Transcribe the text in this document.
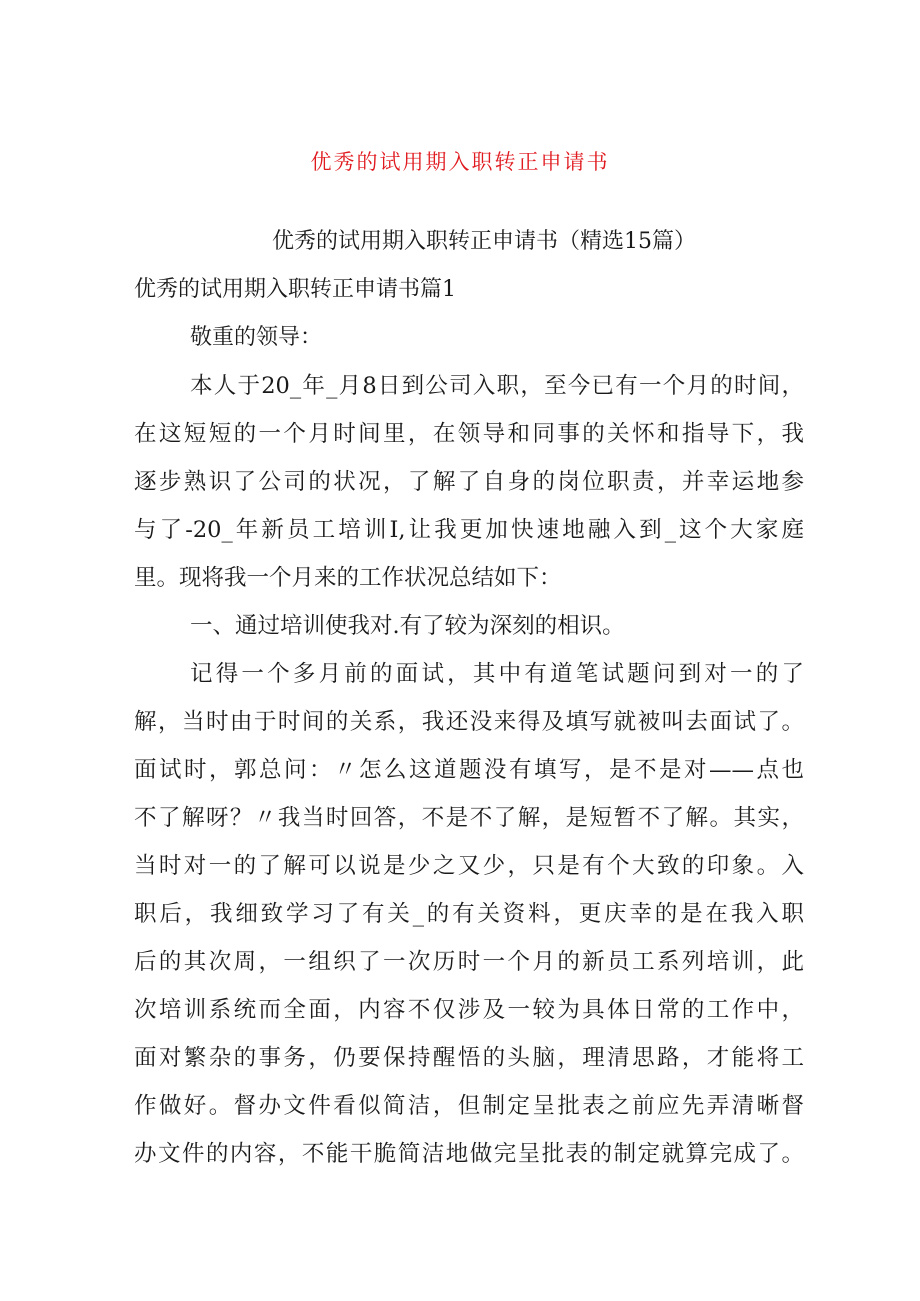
优秀的试用期入职转正申请书
优秀的试用期入职转正申请书（精选15篇）
优秀的试用期入职转正申请书篇1
敬重的领导：
本人于20_年_月8日到公司入职，至今已有一个月的时间，
在这短短的一个月时间里，在领导和同事的关怀和指导下，我
逐步熟识了公司的状况，了解了自身的岗位职责，并幸运地参
与了-20_年新员工培训I,让我更加快速地融入到_这个大家庭
里。现将我一个月来的工作状况总结如下：
一、通过培训使我对.有了较为深刻的相识。
记得一个多月前的面试，其中有道笔试题问到对一的了
解，当时由于时间的关系，我还没来得及填写就被叫去面试了。
面试时，郭总问：〃怎么这道题没有填写，是不是对——点也
不了解呀？〃我当时回答，不是不了解，是短暂不了解。其实，
当时对一的了解可以说是少之又少，只是有个大致的印象。入
职后，我细致学习了有关_的有关资料，更庆幸的是在我入职
后的其次周，一组织了一次历时一个月的新员工系列培训，此
次培训系统而全面，内容不仅涉及一较为具体日常的工作中，
面对繁杂的事务，仍要保持醒悟的头脑，理清思路，才能将工
作做好。督办文件看似简洁，但制定呈批表之前应先弄清晰督
办文件的内容，不能干脆简洁地做完呈批表的制定就算完成了。
